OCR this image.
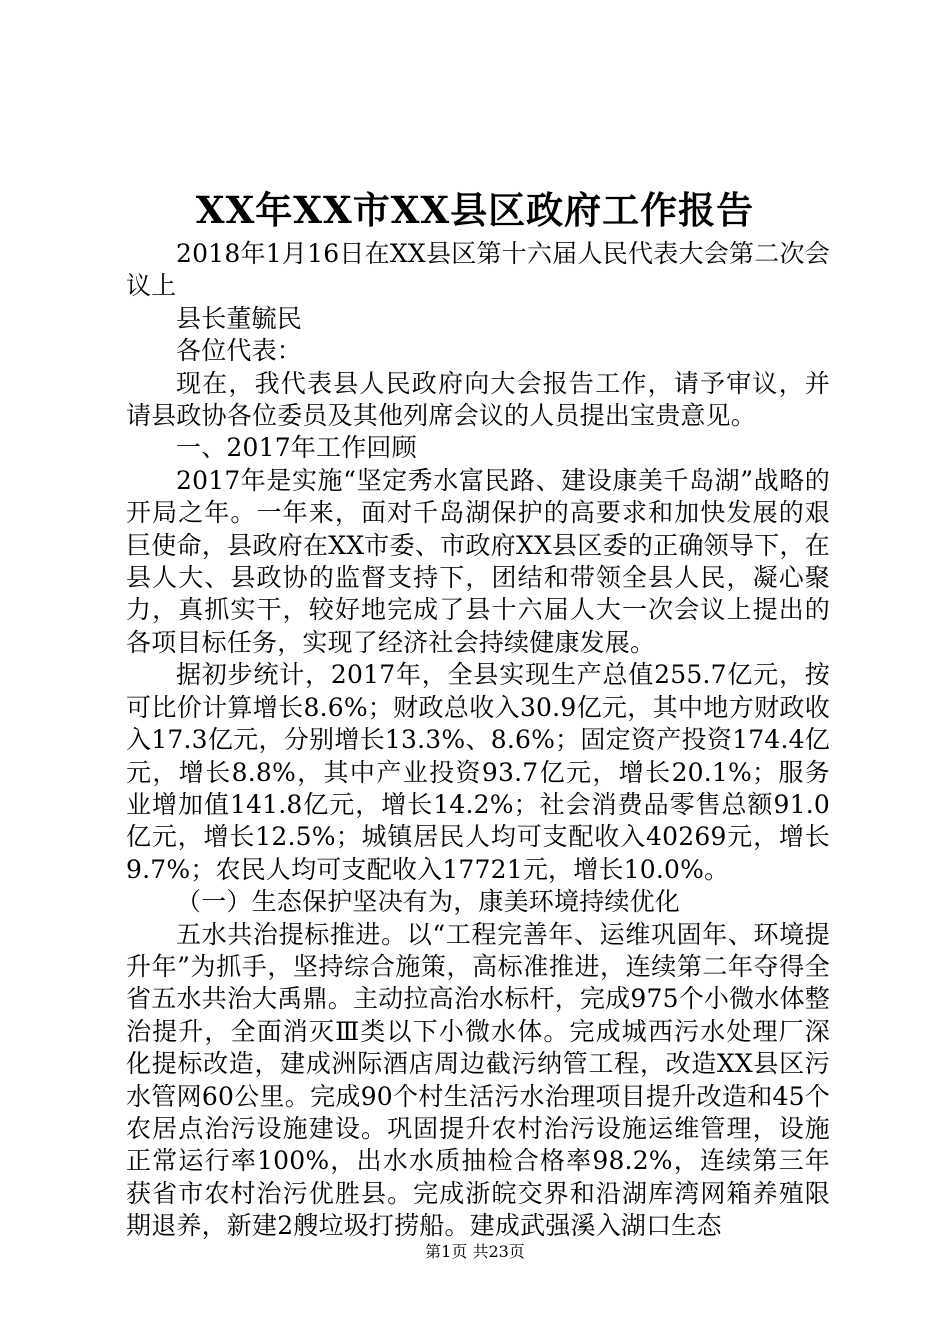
XX年XX市XX县区政府工作报告

2018年1月16日在XX县区第十六届人民代表大会第二次会议上

县长董毓民

各位代表：

现在，我代表县人民政府向大会报告工作，请予审议，并请县政协各位委员及其他列席会议的人员提出宝贵意见。

一、2017年工作回顾

2017年是实施“坚定秀水富民路、建设康美千岛湖”战略的开局之年。一年来，面对千岛湖保护的高要求和加快发展的艰巨使命，县政府在XX市委、市政府XX县区委的正确领导下，在县人大、县政协的监督支持下，团结和带领全县人民，凝心聚力，真抓实干，较好地完成了县十六届人大一次会议上提出的各项目标任务，实现了经济社会持续健康发展。

据初步统计，2017年，全县实现生产总值255.7亿元，按可比价计算增长8.6%；财政总收入30.9亿元，其中地方财政收入17.3亿元，分别增长13.3%、8.6%；固定资产投资174.4亿元，增长8.8%，其中产业投资93.7亿元，增长20.1%；服务业增加值141.8亿元，增长14.2%；社会消费品零售总额91.0亿元，增长12.5%；城镇居民人均可支配收入40269元，增长9.7%；农民人均可支配收入17721元，增长10.0%。

（一）生态保护坚决有为，康美环境持续优化

五水共治提标推进。以“工程完善年、运维巩固年、环境提升年”为抓手，坚持综合施策，高标准推进，连续第二年夺得全省五水共治大禹鼎。主动拉高治水标杆，完成975个小微水体整治提升，全面消灭Ⅲ类以下小微水体。完成城西污水处理厂深化提标改造，建成洲际酒店周边截污纳管工程，改造XX县区污水管网60公里。完成90个村生活污水治理项目提升改造和45个农居点治污设施建设。巩固提升农村治污设施运维管理，设施正常运行率100%，出水水质抽检合格率98.2%，连续第三年获省市农村治污优胜县。完成浙皖交界和沿湖库湾网箱养殖限期退养，新建2艘垃圾打捞船。建成武强溪入湖口生态

第1页 共23页
